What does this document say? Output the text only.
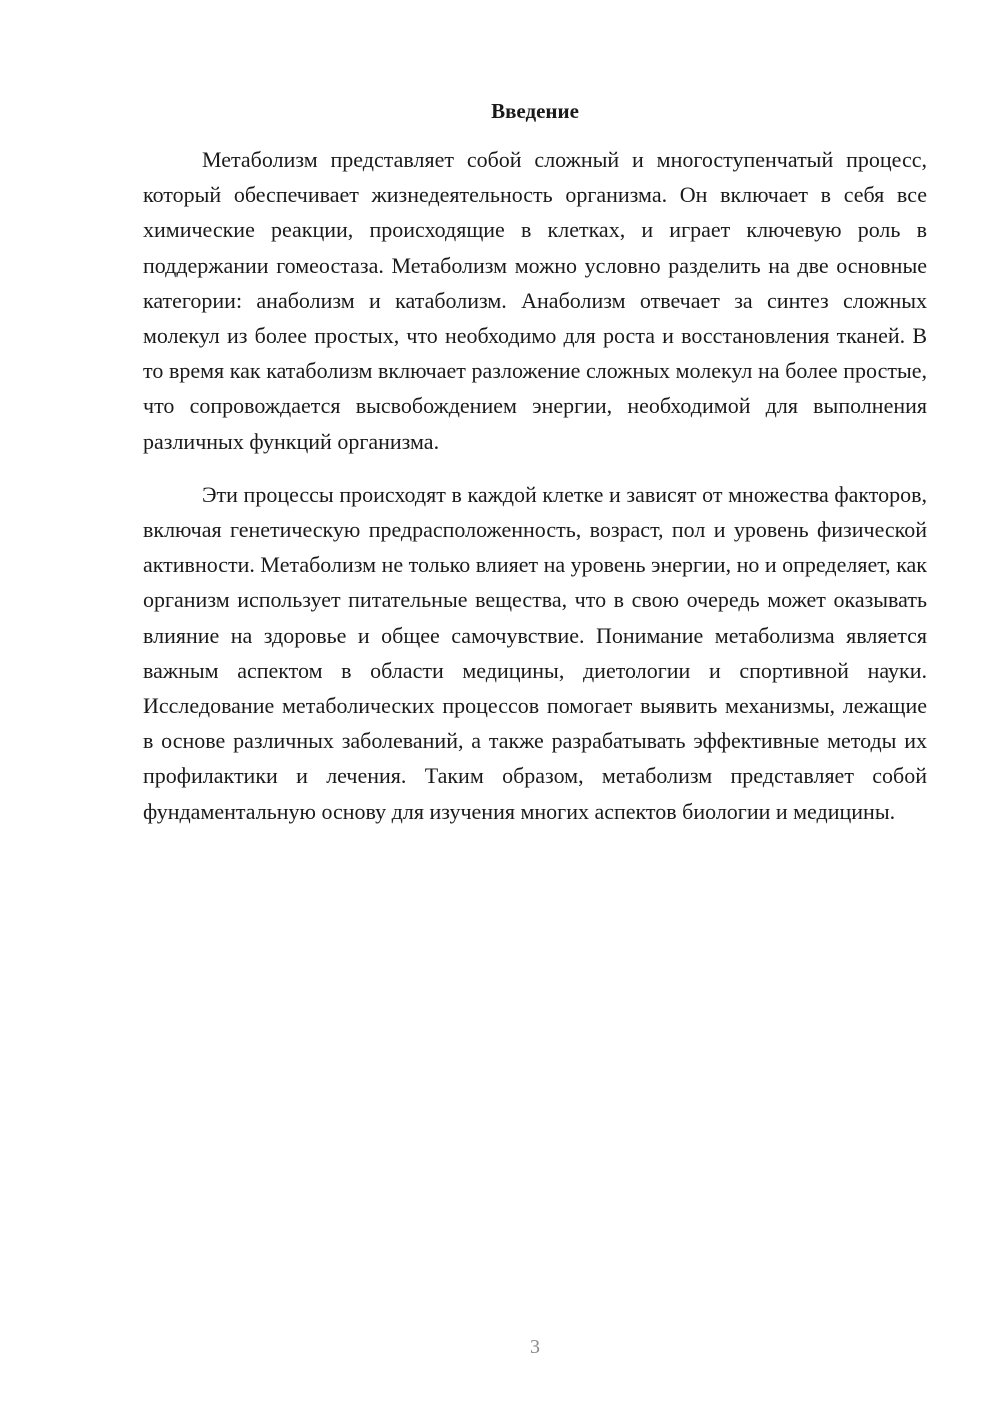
Введение

Метаболизм представляет собой сложный и многоступенчатый процесс, который обеспечивает жизнедеятельность организма. Он включает в себя все химические реакции, происходящие в клетках, и играет ключевую роль в поддержании гомеостаза. Метаболизм можно условно разделить на две основные категории: анаболизм и катаболизм. Анаболизм отвечает за синтез сложных молекул из более простых, что необходимо для роста и восстановления тканей. В то время как катаболизм включает разложение сложных молекул на более простые, что сопровождается высвобождением энергии, необходимой для выполнения различных функций организма.

Эти процессы происходят в каждой клетке и зависят от множества факторов, включая генетическую предрасположенность, возраст, пол и уровень физической активности. Метаболизм не только влияет на уровень энергии, но и определяет, как организм использует питательные вещества, что в свою очередь может оказывать влияние на здоровье и общее самочувствие. Понимание метаболизма является важным аспектом в области медицины, диетологии и спортивной науки. Исследование метаболических процессов помогает выявить механизмы, лежащие в основе различных заболеваний, а также разрабатывать эффективные методы их профилактики и лечения. Таким образом, метаболизм представляет собой фундаментальную основу для изучения многих аспектов биологии и медицины.

3
